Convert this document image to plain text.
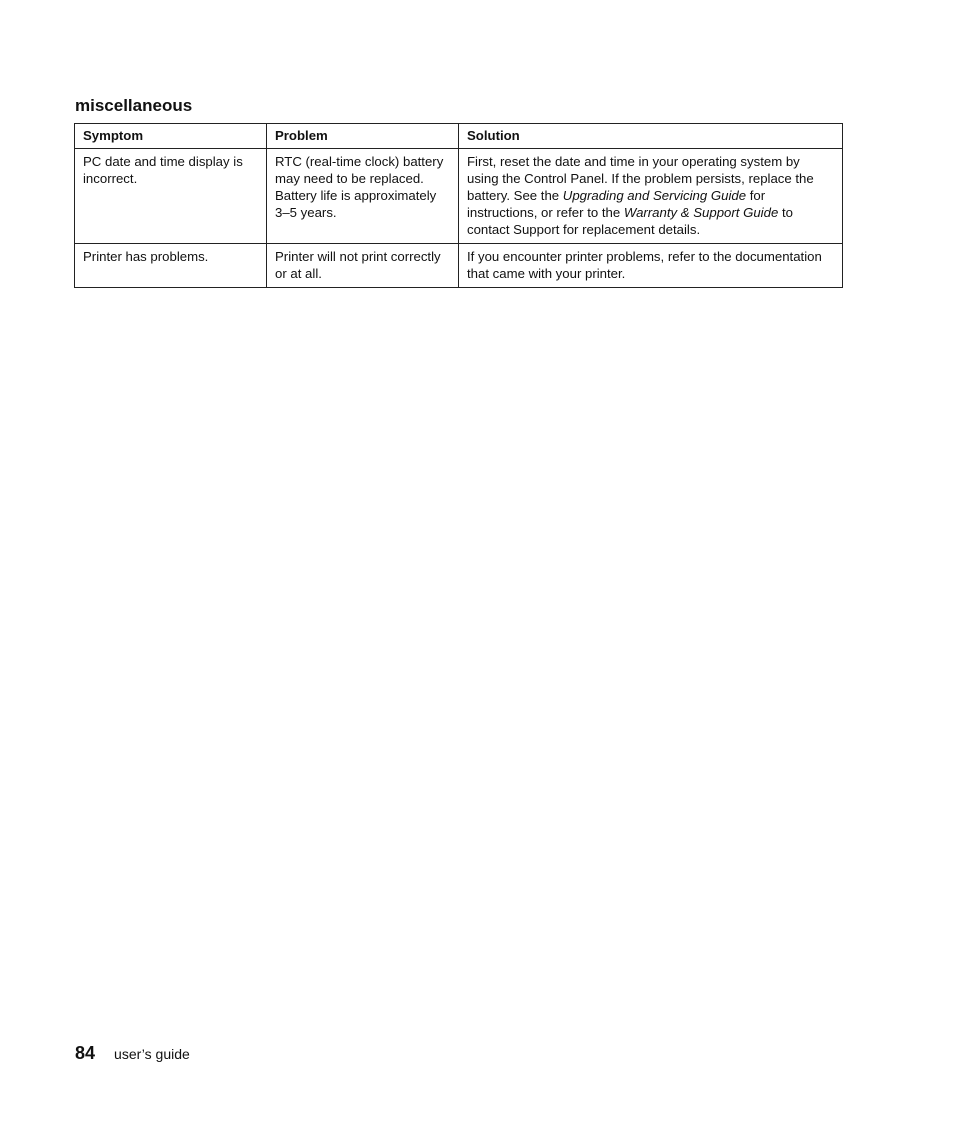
miscellaneous
Symptom	Problem	Solution
PC date and time display is incorrect.	RTC (real-time clock) battery may need to be replaced. Battery life is approximately 3–5 years.	First, reset the date and time in your operating system by using the Control Panel. If the problem persists, replace the battery. See the Upgrading and Servicing Guide for instructions, or refer to the Warranty & Support Guide to contact Support for replacement details.
Printer has problems.	Printer will not print correctly or at all.	If you encounter printer problems, refer to the documentation that came with your printer.
84 user’s guide
